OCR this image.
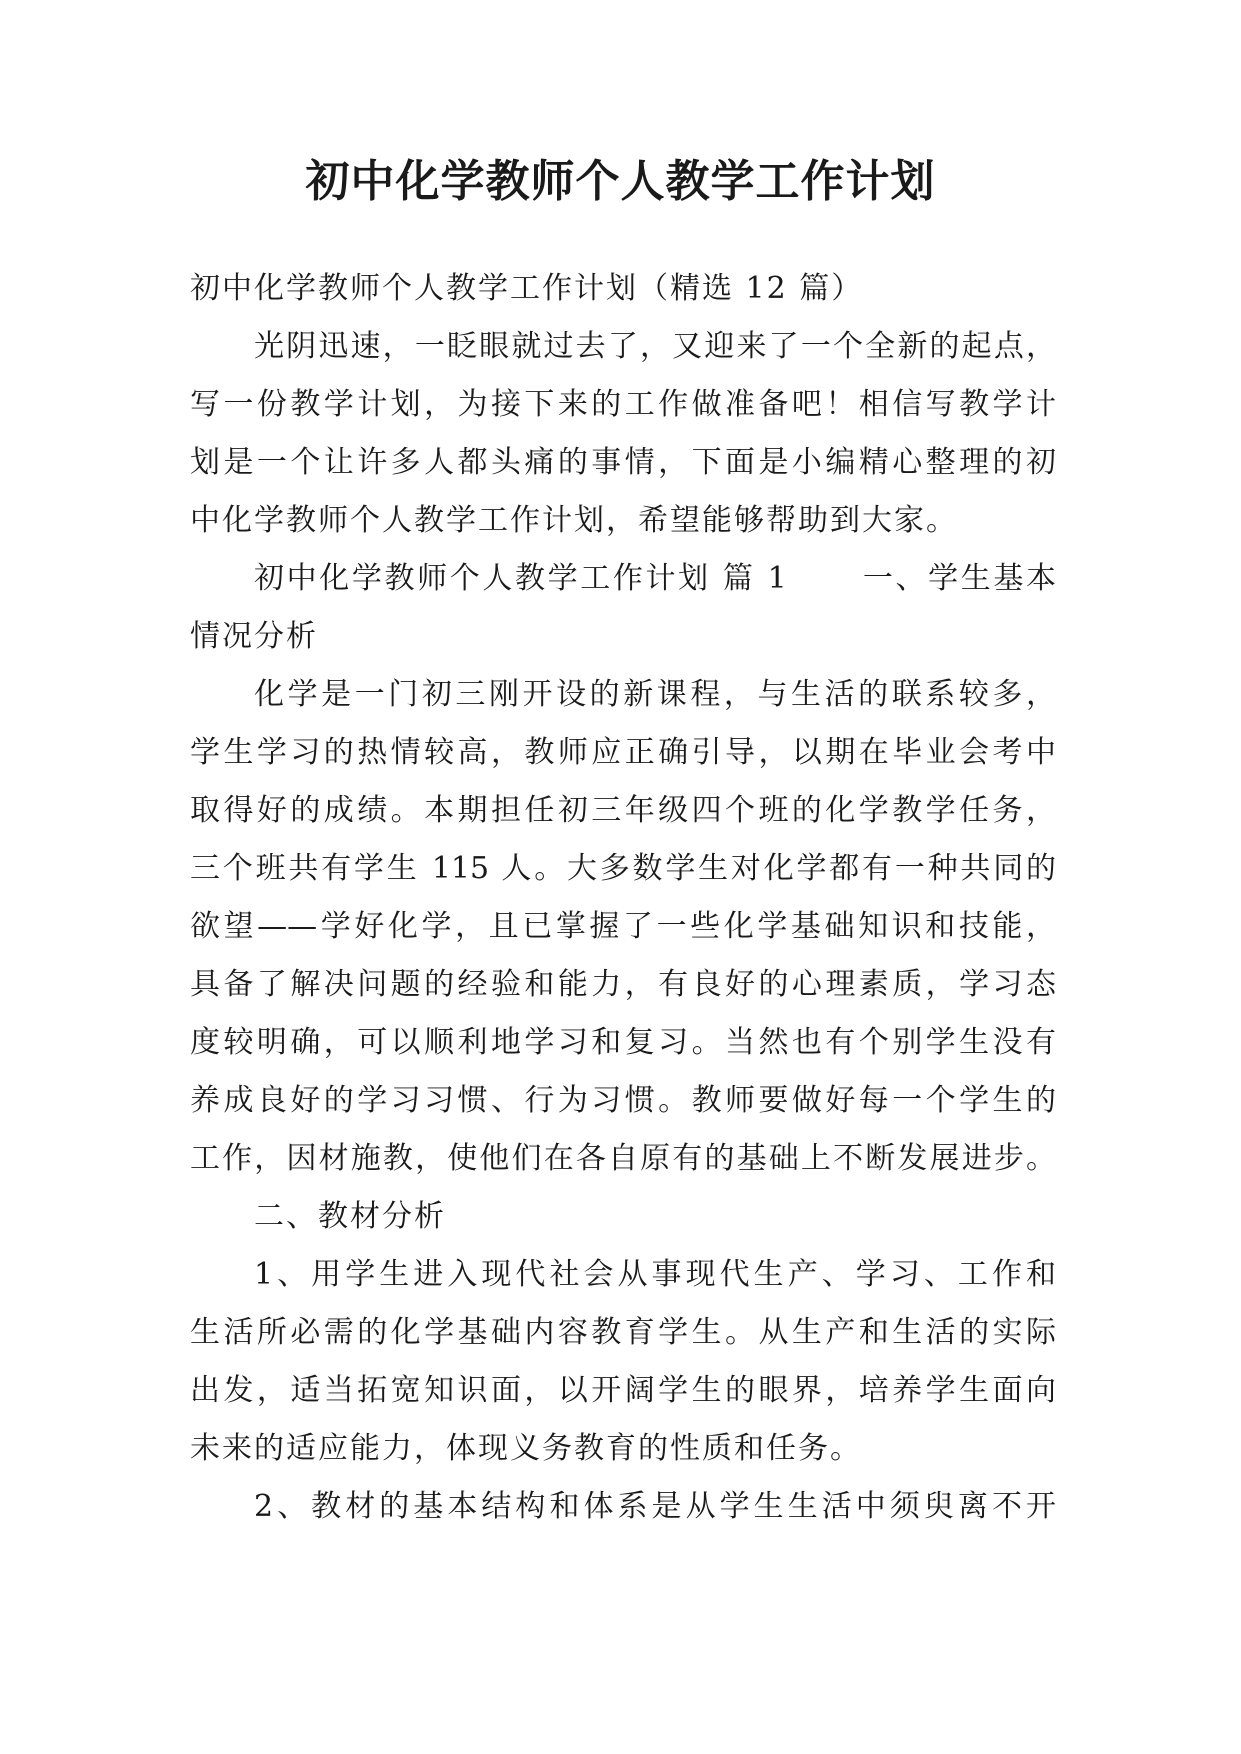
初中化学教师个人教学工作计划
初中化学教师个人教学工作计划（精选 12 篇）
光阴迅速，一眨眼就过去了，又迎来了一个全新的起点，
写一份教学计划，为接下来的工作做准备吧！相信写教学计
划是一个让许多人都头痛的事情，下面是小编精心整理的初
中化学教师个人教学工作计划，希望能够帮助到大家。
初中化学教师个人教学工作计划 篇 1	一、学生基本
情况分析
化学是一门初三刚开设的新课程，与生活的联系较多，
学生学习的热情较高，教师应正确引导，以期在毕业会考中
取得好的成绩。本期担任初三年级四个班的化学教学任务，
三个班共有学生 115 人。大多数学生对化学都有一种共同的
欲望——学好化学，且已掌握了一些化学基础知识和技能，
具备了解决问题的经验和能力，有良好的心理素质，学习态
度较明确，可以顺利地学习和复习。当然也有个别学生没有
养成良好的学习习惯、行为习惯。教师要做好每一个学生的
工作，因材施教，使他们在各自原有的基础上不断发展进步。
二、教材分析
1、用学生进入现代社会从事现代生产、学习、工作和
生活所必需的化学基础内容教育学生。从生产和生活的实际
出发，适当拓宽知识面，以开阔学生的眼界，培养学生面向
未来的适应能力，体现义务教育的性质和任务。
2、教材的基本结构和体系是从学生生活中须臾离不开
